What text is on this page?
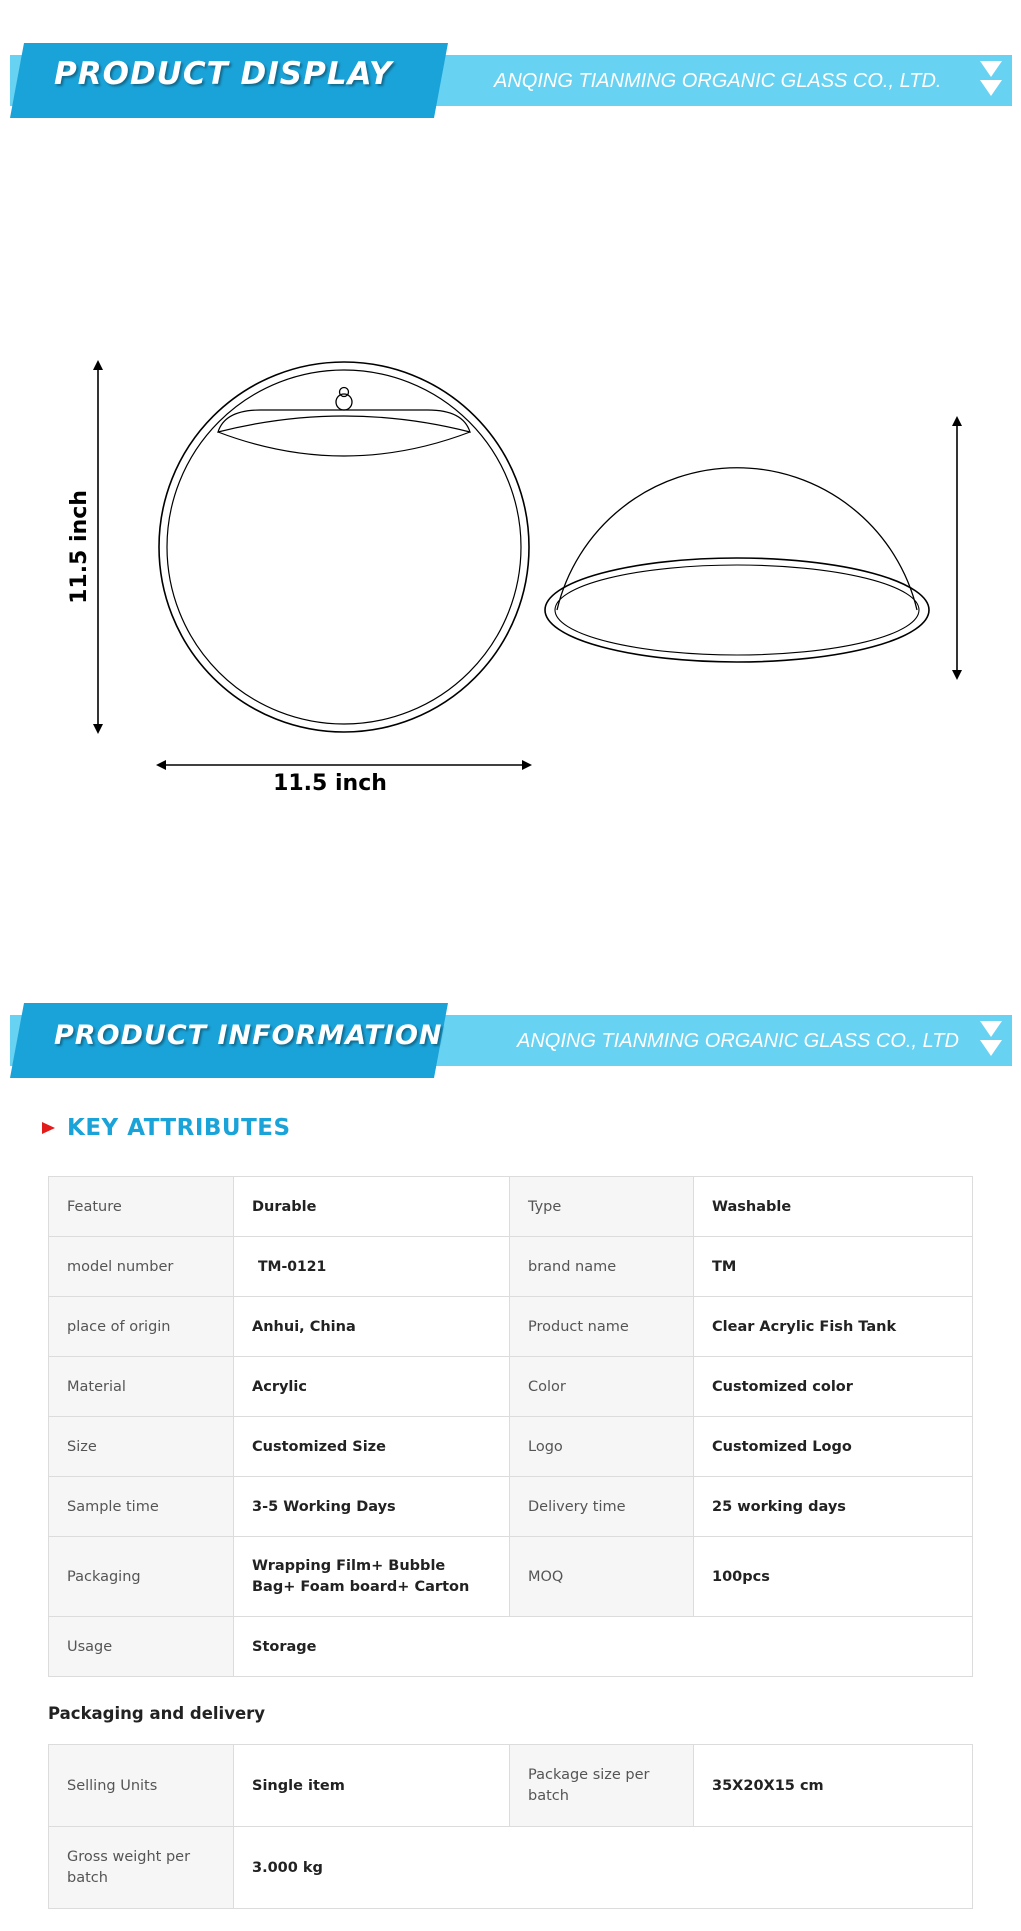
PRODUCT DISPLAY	ANQING TIANMING ORGANIC GLASS CO., LTD.
11.5 inch
11.5 inch
PRODUCT INFORMATION	ANQING TIANMING ORGANIC GLASS CO., LTD
KEY ATTRIBUTES
Feature	Durable	Type	Washable
model number	TM-0121	brand name	TM
place of origin	Anhui, China	Product name	Clear Acrylic Fish Tank
Material	Acrylic	Color	Customized color
Size	Customized Size	Logo	Customized Logo
Sample time	3-5 Working Days	Delivery time	25 working days
Packaging	Wrapping Film+ Bubble Bag+ Foam board+ Carton	MOQ	100pcs
Usage	Storage		
Packaging and delivery
Selling Units	Single item	Package size per batch	35X20X15 cm
Gross weight per batch	3.000 kg		
